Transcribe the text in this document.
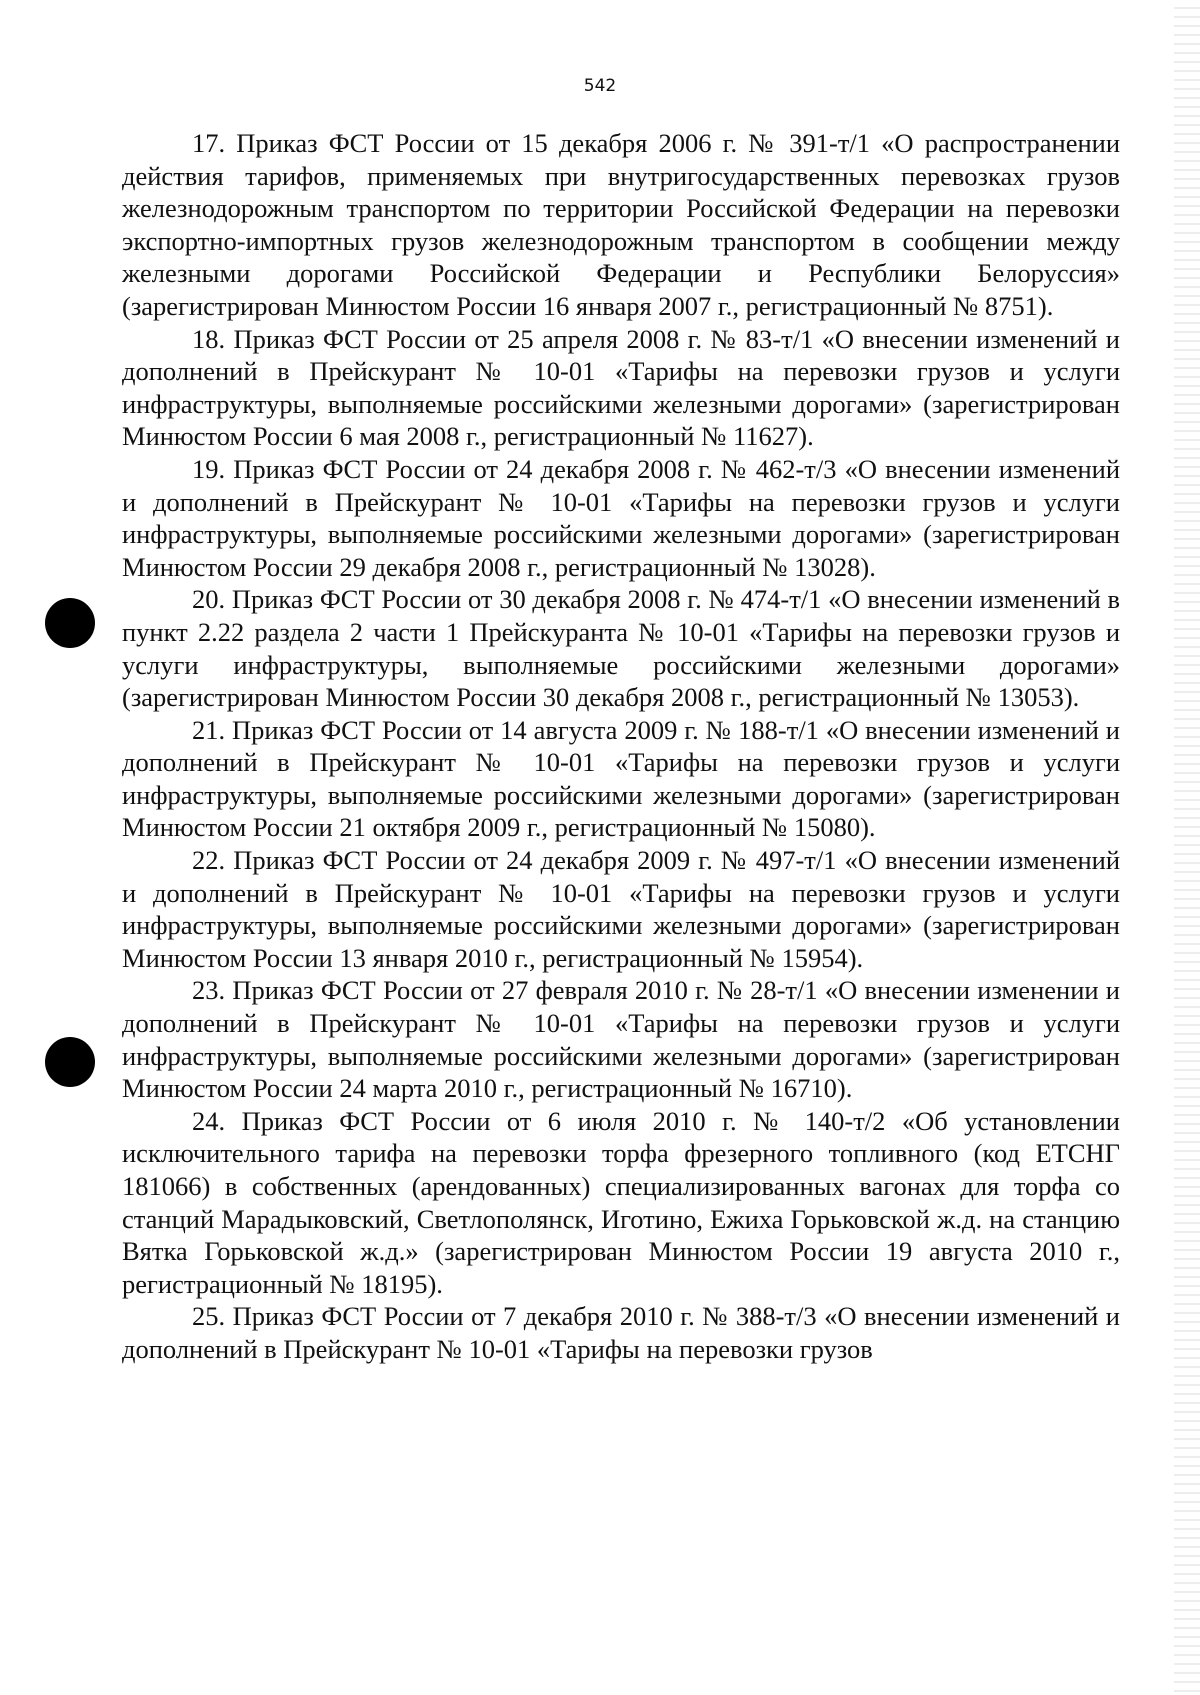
542

17. Приказ ФСТ России от 15 декабря 2006 г. № 391-т/1 «О распространении действия тарифов, применяемых при внутригосударственных перевозках грузов железнодорожным транспортом по территории Российской Федерации на перевозки экспортно-импортных грузов железнодорожным транспортом в сообщении между железными дорогами Российской Федерации и Республики Белоруссия» (зарегистрирован Минюстом России 16 января 2007 г., регистрационный № 8751).

18. Приказ ФСТ России от 25 апреля 2008 г. № 83-т/1 «О внесении изменений и дополнений в Прейскурант № 10-01 «Тарифы на перевозки грузов и услуги инфраструктуры, выполняемые российскими железными дорогами» (зарегистрирован Минюстом России 6 мая 2008 г., регистрационный № 11627).

19. Приказ ФСТ России от 24 декабря 2008 г. № 462-т/3 «О внесении изменений и дополнений в Прейскурант № 10-01 «Тарифы на перевозки грузов и услуги инфраструктуры, выполняемые российскими железными дорогами» (зарегистрирован Минюстом России 29 декабря 2008 г., регистрационный № 13028).

20. Приказ ФСТ России от 30 декабря 2008 г. № 474-т/1 «О внесении изменений в пункт 2.22 раздела 2 части 1 Прейскуранта № 10-01 «Тарифы на перевозки грузов и услуги инфраструктуры, выполняемые российскими железными дорогами» (зарегистрирован Минюстом России 30 декабря 2008 г., регистрационный № 13053).

21. Приказ ФСТ России от 14 августа 2009 г. № 188-т/1 «О внесении изменений и дополнений в Прейскурант № 10-01 «Тарифы на перевозки грузов и услуги инфраструктуры, выполняемые российскими железными дорогами» (зарегистрирован Минюстом России 21 октября 2009 г., регистрационный № 15080).

22. Приказ ФСТ России от 24 декабря 2009 г. № 497-т/1 «О внесении изменений и дополнений в Прейскурант № 10-01 «Тарифы на перевозки грузов и услуги инфраструктуры, выполняемые российскими железными дорогами» (зарегистрирован Минюстом России 13 января 2010 г., регистрационный № 15954).

23. Приказ ФСТ России от 27 февраля 2010 г. № 28-т/1 «О внесении изменении и дополнений в Прейскурант № 10-01 «Тарифы на перевозки грузов и услуги инфраструктуры, выполняемые российскими железными дорогами» (зарегистрирован Минюстом России 24 марта 2010 г., регистрационный № 16710).

24. Приказ ФСТ России от 6 июля 2010 г. № 140-т/2 «Об установлении исключительного тарифа на перевозки торфа фрезерного топливного (код ЕТСНГ 181066) в собственных (арендованных) специализированных вагонах для торфа со станций Марадыковский, Светлополянск, Иготино, Ежиха Горьковской ж.д. на станцию Вятка Горьковской ж.д.» (зарегистрирован Минюстом России 19 августа 2010 г., регистрационный № 18195).

25. Приказ ФСТ России от 7 декабря 2010 г. № 388-т/3 «О внесении изменений и дополнений в Прейскурант № 10-01 «Тарифы на перевозки грузов
